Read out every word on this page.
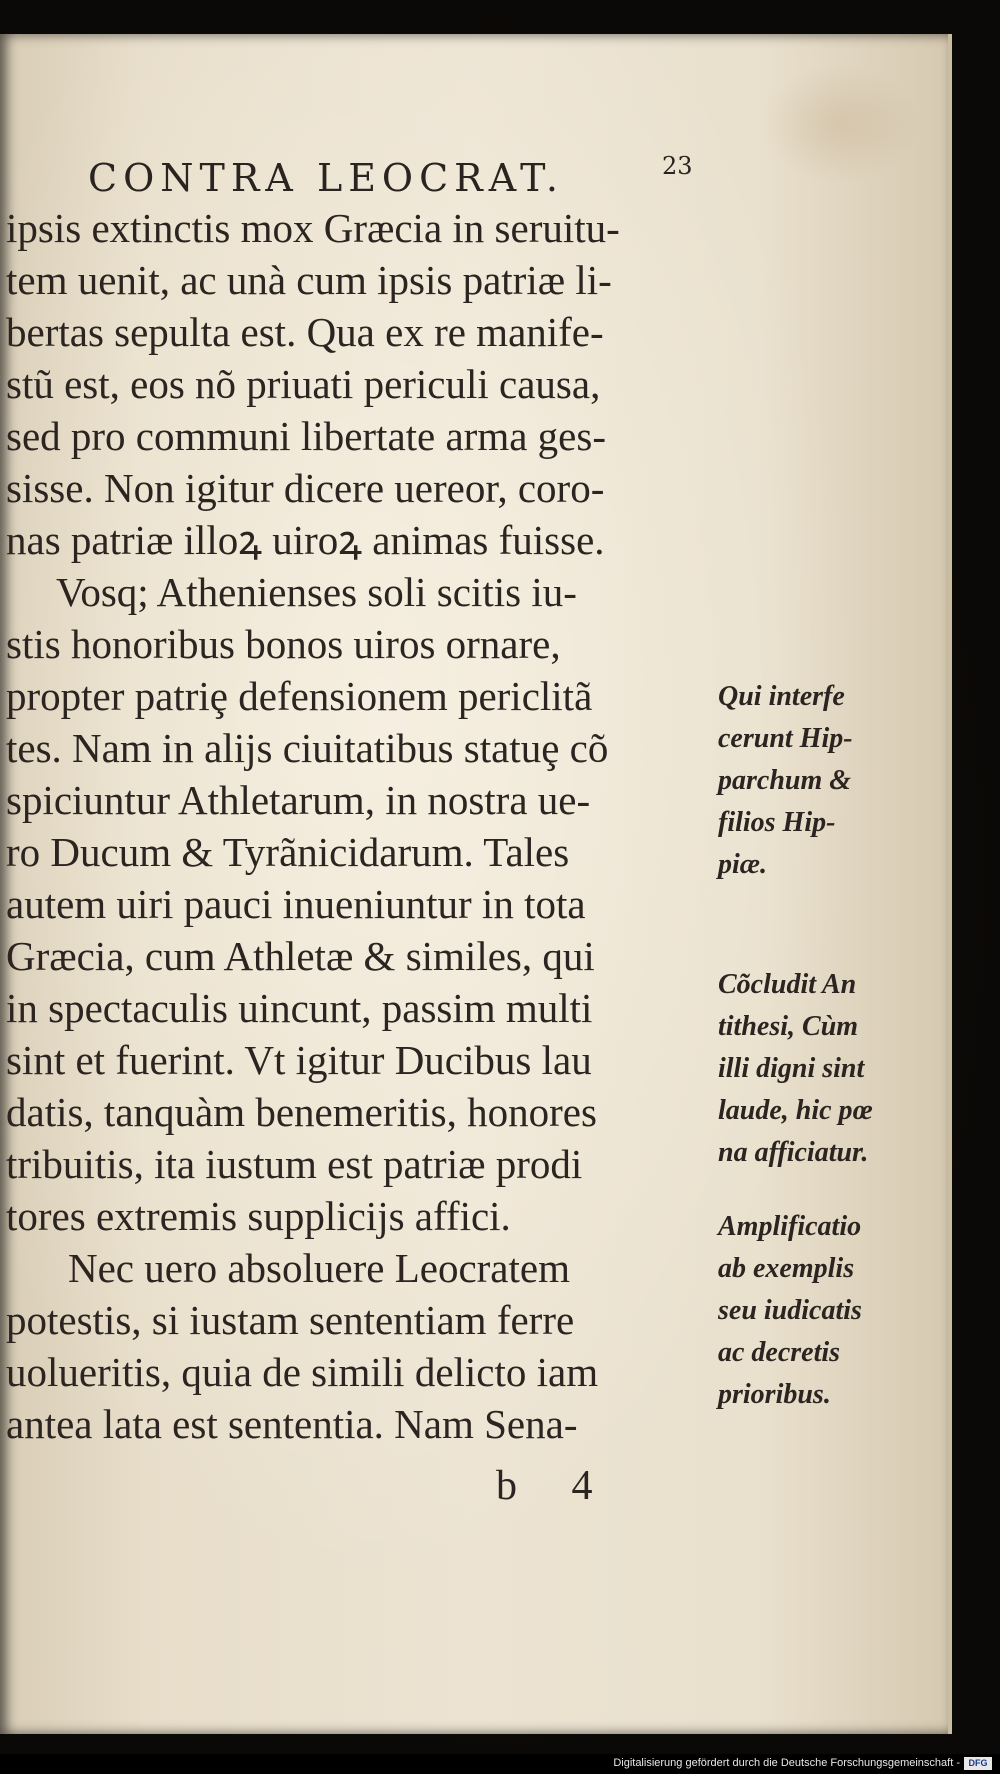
CONTRA LEOCRAT.	23
ipsis extinctis mox Græcia in seruitu-
tem uenit, ac unà cum ipsis patriæ li-
bertas sepulta est. Qua ex re manife-
stũ est, eos nõ priuati periculi causa,
sed pro communi libertate arma ges-
sisse. Non igitur dicere uereor, coro-
nas patriæ illoꝝ uiroꝝ animas fuisse.
Vosq; Athenienses soli scitis iu-
stis honoribus bonos uiros ornare,
propter patriȩ defensionem periclitã
tes. Nam in alijs ciuitatibus statuȩ cõ
spiciuntur Athletarum, in nostra ue-
ro Ducum & Tyrãnicidarum. Tales
autem uiri pauci inueniuntur in tota
Græcia, cum Athletæ & similes, qui
in spectaculis uincunt, passim multi
sint et fuerint. Vt igitur Ducibus lau
datis, tanquàm benemeritis, honores
tribuitis, ita iustum est patriæ prodi
tores extremis supplicijs affici.
Nec uero absoluere Leocratem
potestis, si iustam sententiam ferre
uolueritis, quia de simili delicto iam
antea lata est sententia. Nam Sena-
Qui interfe
cerunt Hip-
parchum &
filios Hip-
piæ.
Cõcludit An
tithesi, Cùm
illi digni sint
laude, hic pœ
na afficiatur.
Amplificatio
ab exemplis
seu iudicatis
ac decretis
prioribus.
b 4
Digitalisierung gefördert durch die Deutsche Forschungsgemeinschaft - DFG
